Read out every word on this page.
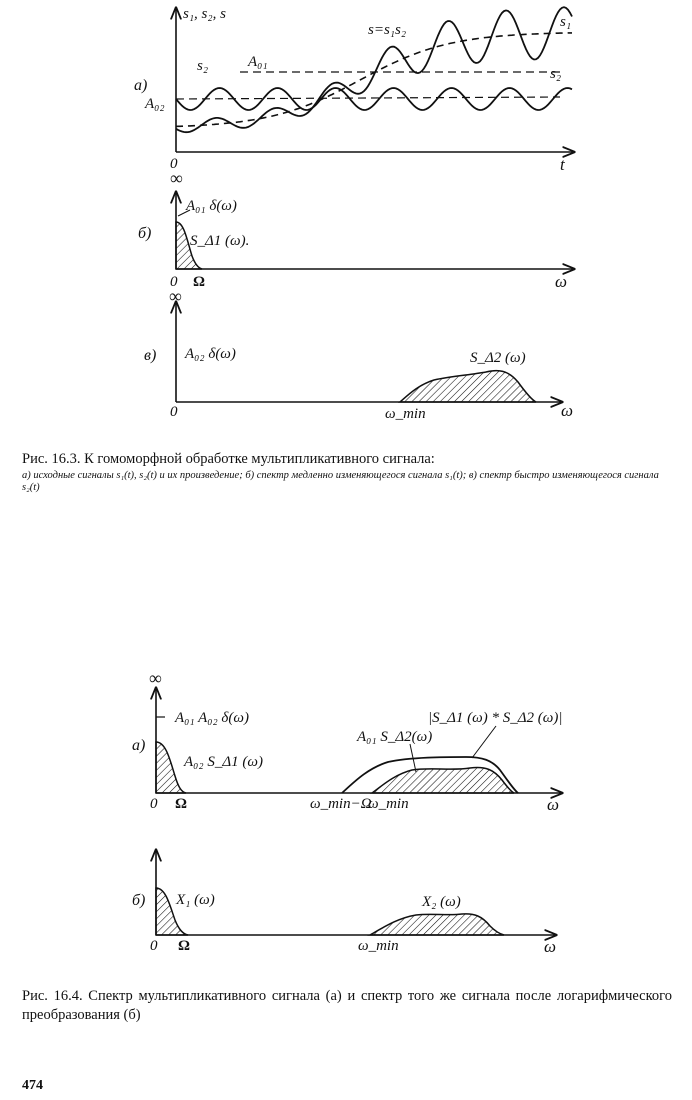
а)
s₁, s₂, s
t
0
s=s₁s₂	s₁
s₂	s₂
A₀₁
A₀₂
б)
∞
A₀₁ δ(ω)
S_Δ1 (ω).
0 Ω	ω
в)
∞
A₀₂ δ(ω)	S_Δ2 (ω)
0	ω_min	ω
Рис. 16.3. К гомоморфной обработке мультипликативного сигнала:
а) исходные сигналы s₁(t), s₂(t) и их произведение; б) спектр медленно изменяющегося сигнала s₁(t); в) спектр быстро изменяющегося сигнала s₂(t)
а)
∞
A₀₁ A₀₂ δ(ω)
A₀₂ S_Δ1 (ω)
A₀₁ S_Δ2(ω)
|S_Δ1 (ω) * S_Δ2 (ω)|
0 Ω	ω_min−Ω
ω_min	ω
б) X₁ (ω)	X₂ (ω)
0 Ω	ω_min	ω
Рис. 16.4. Спектр мультипликативного сигнала (а) и спектр того же сигнала после логарифмического преобразования (б)
474
